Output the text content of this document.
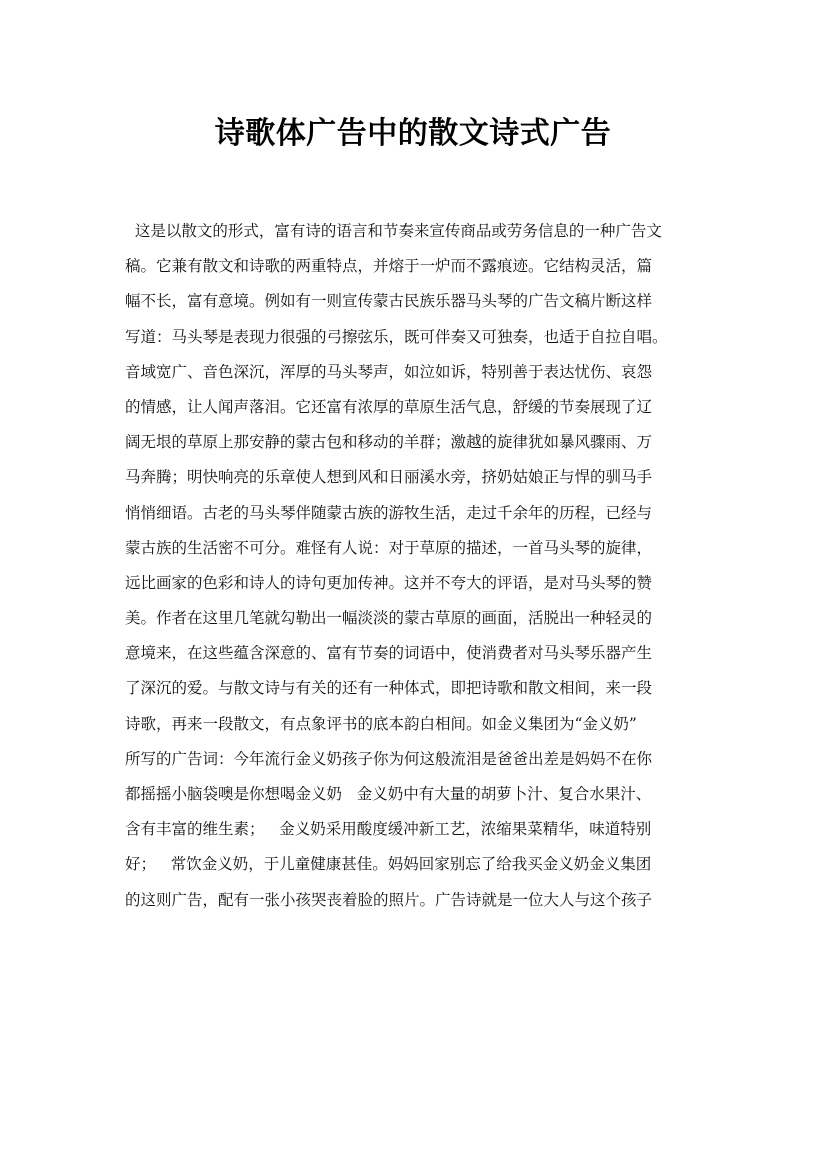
诗歌体广告中的散文诗式广告
这是以散文的形式，富有诗的语言和节奏来宣传商品或劳务信息的一种广告文
稿。它兼有散文和诗歌的两重特点，并熔于一炉而不露痕迹。它结构灵活，篇
幅不长，富有意境。例如有一则宣传蒙古民族乐器马头琴的广告文稿片断这样
写道：马头琴是表现力很强的弓擦弦乐，既可伴奏又可独奏，也适于自拉自唱。
音域宽广、音色深沉，浑厚的马头琴声，如泣如诉，特别善于表达忧伤、哀怨
的情感，让人闻声落泪。它还富有浓厚的草原生活气息，舒缓的节奏展现了辽
阔无垠的草原上那安静的蒙古包和移动的羊群；激越的旋律犹如暴风骤雨、万
马奔腾；明快响亮的乐章使人想到风和日丽溪水旁，挤奶姑娘正与悍的驯马手
悄悄细语。古老的马头琴伴随蒙古族的游牧生活，走过千余年的历程，已经与
蒙古族的生活密不可分。难怪有人说：对于草原的描述，一首马头琴的旋律，
远比画家的色彩和诗人的诗句更加传神。这并不夸大的评语，是对马头琴的赞
美。作者在这里几笔就勾勒出一幅淡淡的蒙古草原的画面，活脱出一种轻灵的
意境来，在这些蕴含深意的、富有节奏的词语中，使消费者对马头琴乐器产生
了深沉的爱。与散文诗与有关的还有一种体式，即把诗歌和散文相间，来一段
诗歌，再来一段散文，有点象评书的底本韵白相间。如金义集团为“金义奶”
所写的广告词：今年流行金义奶孩子你为何这般流泪是爸爸出差是妈妈不在你
都摇摇小脑袋噢是你想喝金义奶   金义奶中有大量的胡萝卜汁、复合水果汁、
含有丰富的维生素；   金义奶采用酸度缓冲新工艺，浓缩果菜精华，味道特别
好；   常饮金义奶，于儿童健康甚佳。妈妈回家别忘了给我买金义奶金义集团
的这则广告，配有一张小孩哭丧着脸的照片。广告诗就是一位大人与这个孩子
